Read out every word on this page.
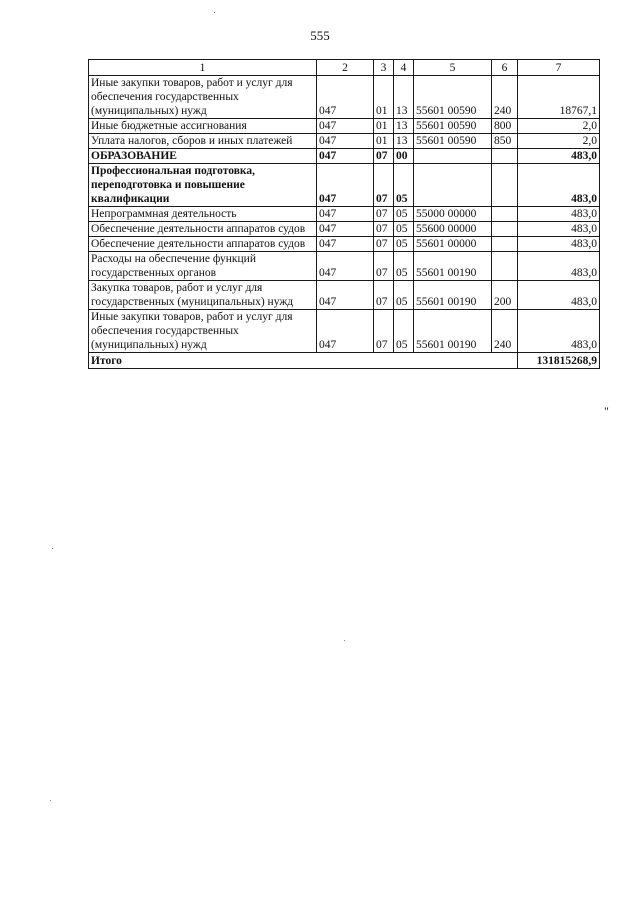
555
1	2	3	4	5	6	7
Иные закупки товаров, работ и услуг для обеспечения государственных (муниципальных) нужд	047	01	13	55601 00590	240	18767,1
Иные бюджетные ассигнования	047	01	13	55601 00590	800	2,0
Уплата налогов, сборов и иных платежей	047	01	13	55601 00590	850	2,0
ОБРАЗОВАНИЕ	047	07	00			483,0
Профессиональная подготовка, переподготовка и повышение квалификации	047	07	05			483,0
Непрограммная деятельность	047	07	05	55000 00000		483,0
Обеспечение деятельности аппаратов судов	047	07	05	55600 00000		483,0
Обеспечение деятельности аппаратов судов	047	07	05	55601 00000		483,0
Расходы на обеспечение функций государственных органов	047	07	05	55601 00190		483,0
Закупка товаров, работ и услуг для государственных (муниципальных) нужд	047	07	05	55601 00190	200	483,0
Иные закупки товаров, работ и услуг для обеспечения государственных (муниципальных) нужд	047	07	05	55601 00190	240	483,0
Итого						131815268,9
"
